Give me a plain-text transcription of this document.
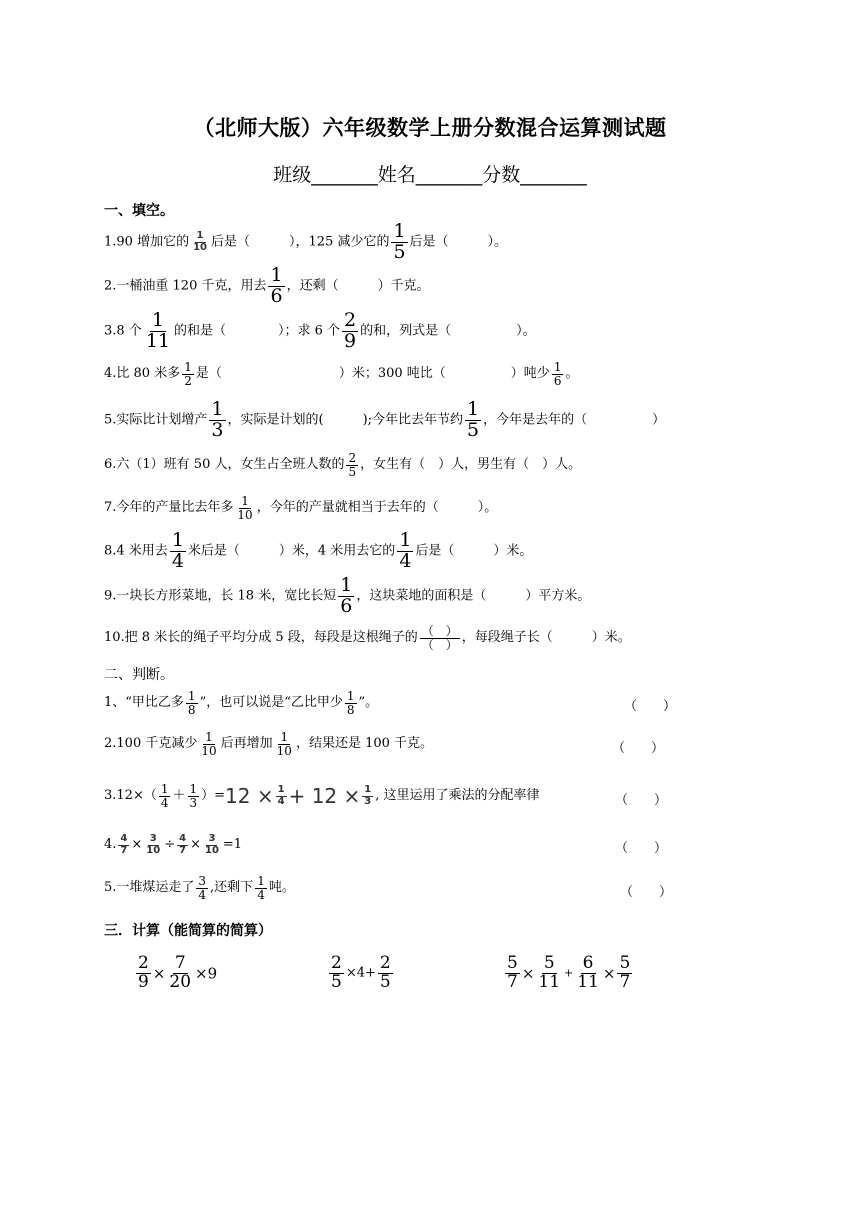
（北师大版）六年级数学上册分数混合运算测试题
班级_______姓名_______分数_______
一、填空。
1.90 增加它的 $\frac{1}{10}$ 后是（　　　），125 减少它的 $\frac{1}{5}$ 后是（　　　）。
2.一桶油重 120 千克，用去 $\frac{1}{6}$ ，还剩（　　　）千克。
3.8 个 $\frac{1}{11}$ 的和是（　　　　）；求 6 个 $\frac{2}{9}$ 的和，列式是（　　　　　）。
4.比 80 米多 $\frac{1}{2}$ 是（　　　　　　　　　）米；300 吨比（　　　　　）吨少 $\frac{1}{6}$ 。
5.实际比计划增产 $\frac{1}{3}$ ，实际是计划的(　　　);今年比去年节约 $\frac{1}{5}$ ，今年是去年的（　　　　　）
6.六（1）班有 50 人，女生占全班人数的 $\frac{2}{5}$ ，女生有（　）人，男生有（　）人。
7.今年的产量比去年多 $\frac{1}{10}$ ，今年的产量就相当于去年的（　　　）。
8.4 米用去 $\frac{1}{4}$ 米后是（　　　）米，4 米用去它的 $\frac{1}{4}$ 后是（　　　）米。
9.一块长方形菜地，长 18 米，宽比长短 $\frac{1}{6}$ ，这块菜地的面积是（　　　）平方米。
10.把 8 米长的绳子平均分成 5 段，每段是这根绳子的 $\frac{( )}{( )}$ ，每段绳子长（　　　）米。
二、判断。
1、“甲比乙多 $\frac{1}{8}$ ”，也可以说是“乙比甲少 $\frac{1}{8}$ ”。	（　　）
2.100 千克减少 $\frac{1}{10}$ 后再增加 $\frac{1}{10}$ ，结果还是 100 千克。	（　　）
$3.12\times( \frac{1}{4} + \frac{1}{3} )=12 \times \frac{1}{4} + 12 \times \frac{1}{3}$ , 这里运用了乘法的分配率律	（　　）
4. $\frac{4}{7} \times \frac{3}{10} \div \frac{4}{7} \times \frac{3}{10} =1$	（　　）
5.一堆煤运走了 $\frac{3}{4}$ ,还剩下 $\frac{1}{4}$ 吨。	（　　）
三．计算（能简算的简算）
$\frac{2}{9} \times \frac{7}{20} \times 9$	$\frac{2}{5} \times 4+ \frac{2}{5}$	$\frac{5}{7} \times \frac{5}{11} + \frac{6}{11} \times \frac{5}{7}$
